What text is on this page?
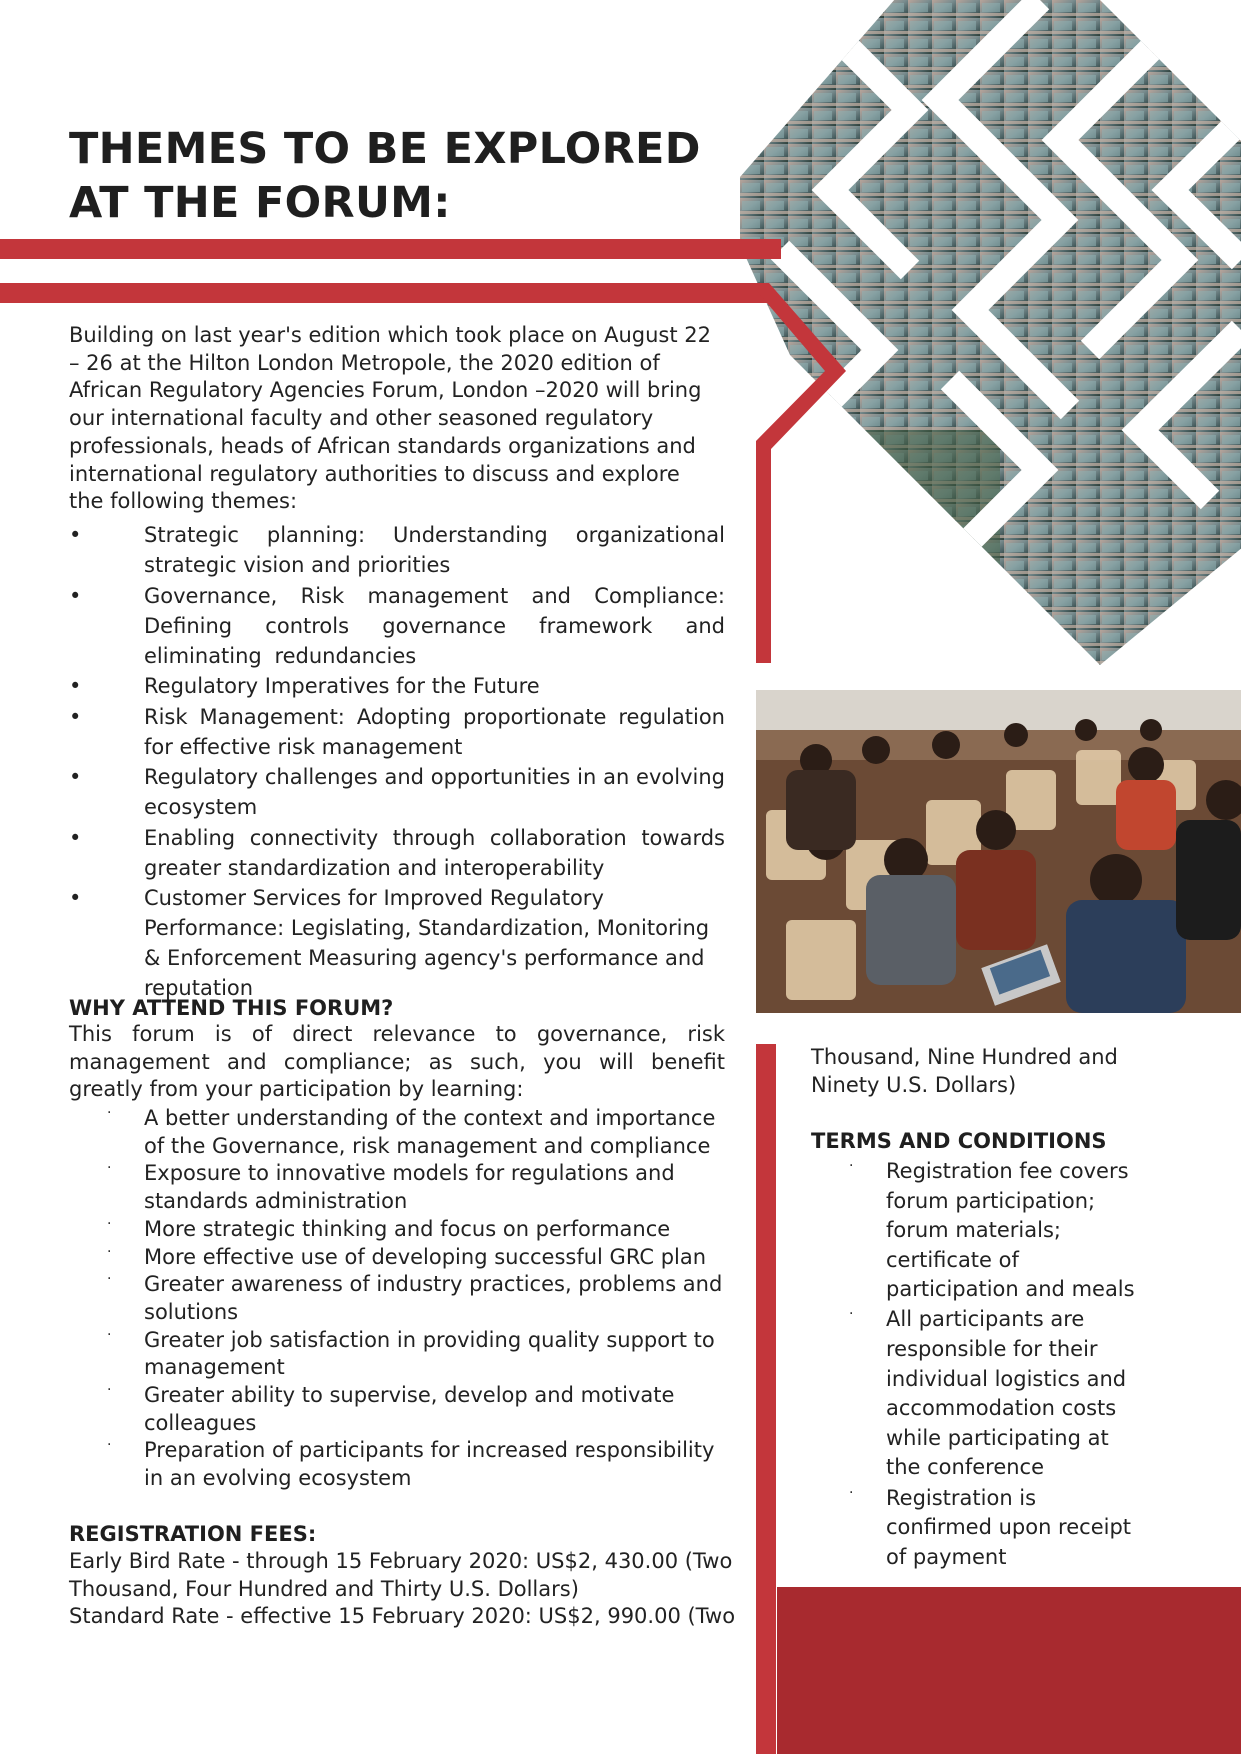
THEMES TO BE EXPLORED
AT THE FORUM:

Building on last year's edition which took place on August 22 – 26 at the Hilton London Metropole, the 2020 edition of African Regulatory Agencies Forum, London –2020 will bring our international faculty and other seasoned regulatory professionals, heads of African standards organizations and international regulatory authorities to discuss and explore the following themes:

•	Strategic planning: Understanding organizational strategic vision and priorities
•	Governance, Risk management and Compliance: Defining controls governance framework and eliminating redundancies
•	Regulatory Imperatives for the Future
•	Risk Management: Adopting proportionate regulation for effective risk management
•	Regulatory challenges and opportunities in an evolving ecosystem
•	Enabling connectivity through collaboration towards greater standardization and interoperability
•	Customer Services for Improved Regulatory Performance: Legislating, Standardization, Monitoring & Enforcement Measuring agency's performance and reputation
WHY ATTEND THIS FORUM?

This forum is of direct relevance to governance, risk management and compliance; as such, you will benefit greatly from your participation by learning:

· A better understanding of the context and importance of the Governance, risk management and compliance
· Exposure to innovative models for regulations and standards administration
· More strategic thinking and focus on performance
· More effective use of developing successful GRC plan
· Greater awareness of industry practices, problems and solutions
· Greater job satisfaction in providing quality support to management
· Greater ability to supervise, develop and motivate colleagues
· Preparation of participants for increased responsibility in an evolving ecosystem
REGISTRATION FEES:
Early Bird Rate - through 15 February 2020: US$2, 430.00 (Two
Thousand, Four Hundred and Thirty U.S. Dollars)
Standard Rate - effective 15 February 2020: US$2, 990.00 (Two

Thousand, Nine Hundred and Ninety U.S. Dollars)

TERMS AND CONDITIONS
· Registration fee covers forum participation; forum materials; certificate of participation and meals
· All participants are responsible for their individual logistics and accommodation costs while participating at the conference
· Registration is confirmed upon receipt of payment
